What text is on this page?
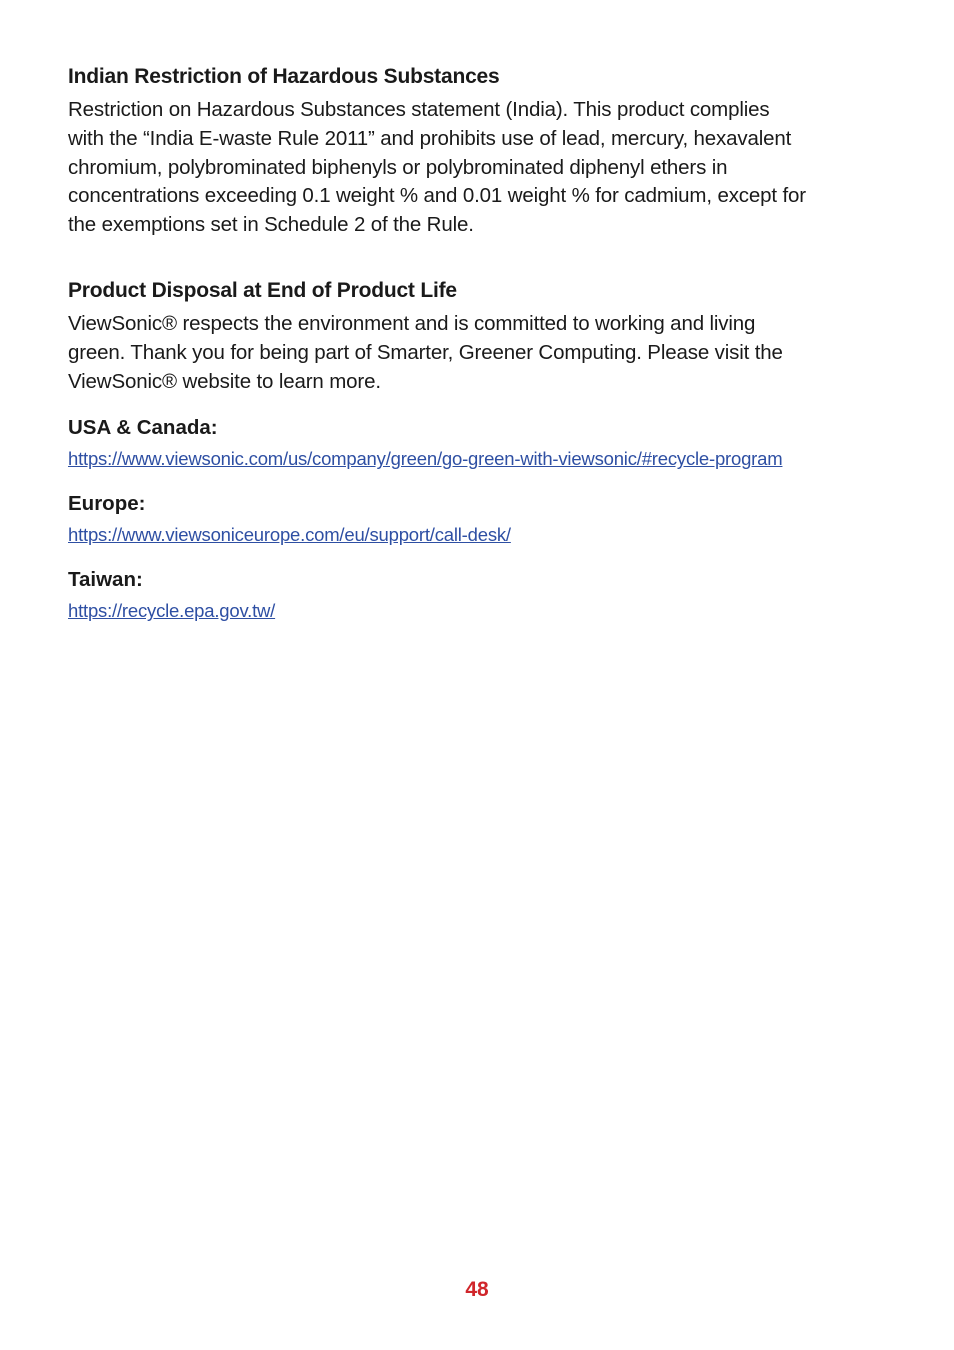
Indian Restriction of Hazardous Substances

Restriction on Hazardous Substances statement (India). This product complies
with the “India E-waste Rule 2011” and prohibits use of lead, mercury, hexavalent
chromium, polybrominated biphenyls or polybrominated diphenyl ethers in
concentrations exceeding 0.1 weight % and 0.01 weight % for cadmium, except for
the exemptions set in Schedule 2 of the Rule.

Product Disposal at End of Product Life

ViewSonic® respects the environment and is committed to working and living
green. Thank you for being part of Smarter, Greener Computing. Please visit the
ViewSonic® website to learn more.

USA & Canada:
https://www.viewsonic.com/us/company/green/go-green-with-viewsonic/#recycle-program
Europe:
https://www.viewsoniceurope.com/eu/support/call-desk/
Taiwan:
https://recycle.epa.gov.tw/
48
